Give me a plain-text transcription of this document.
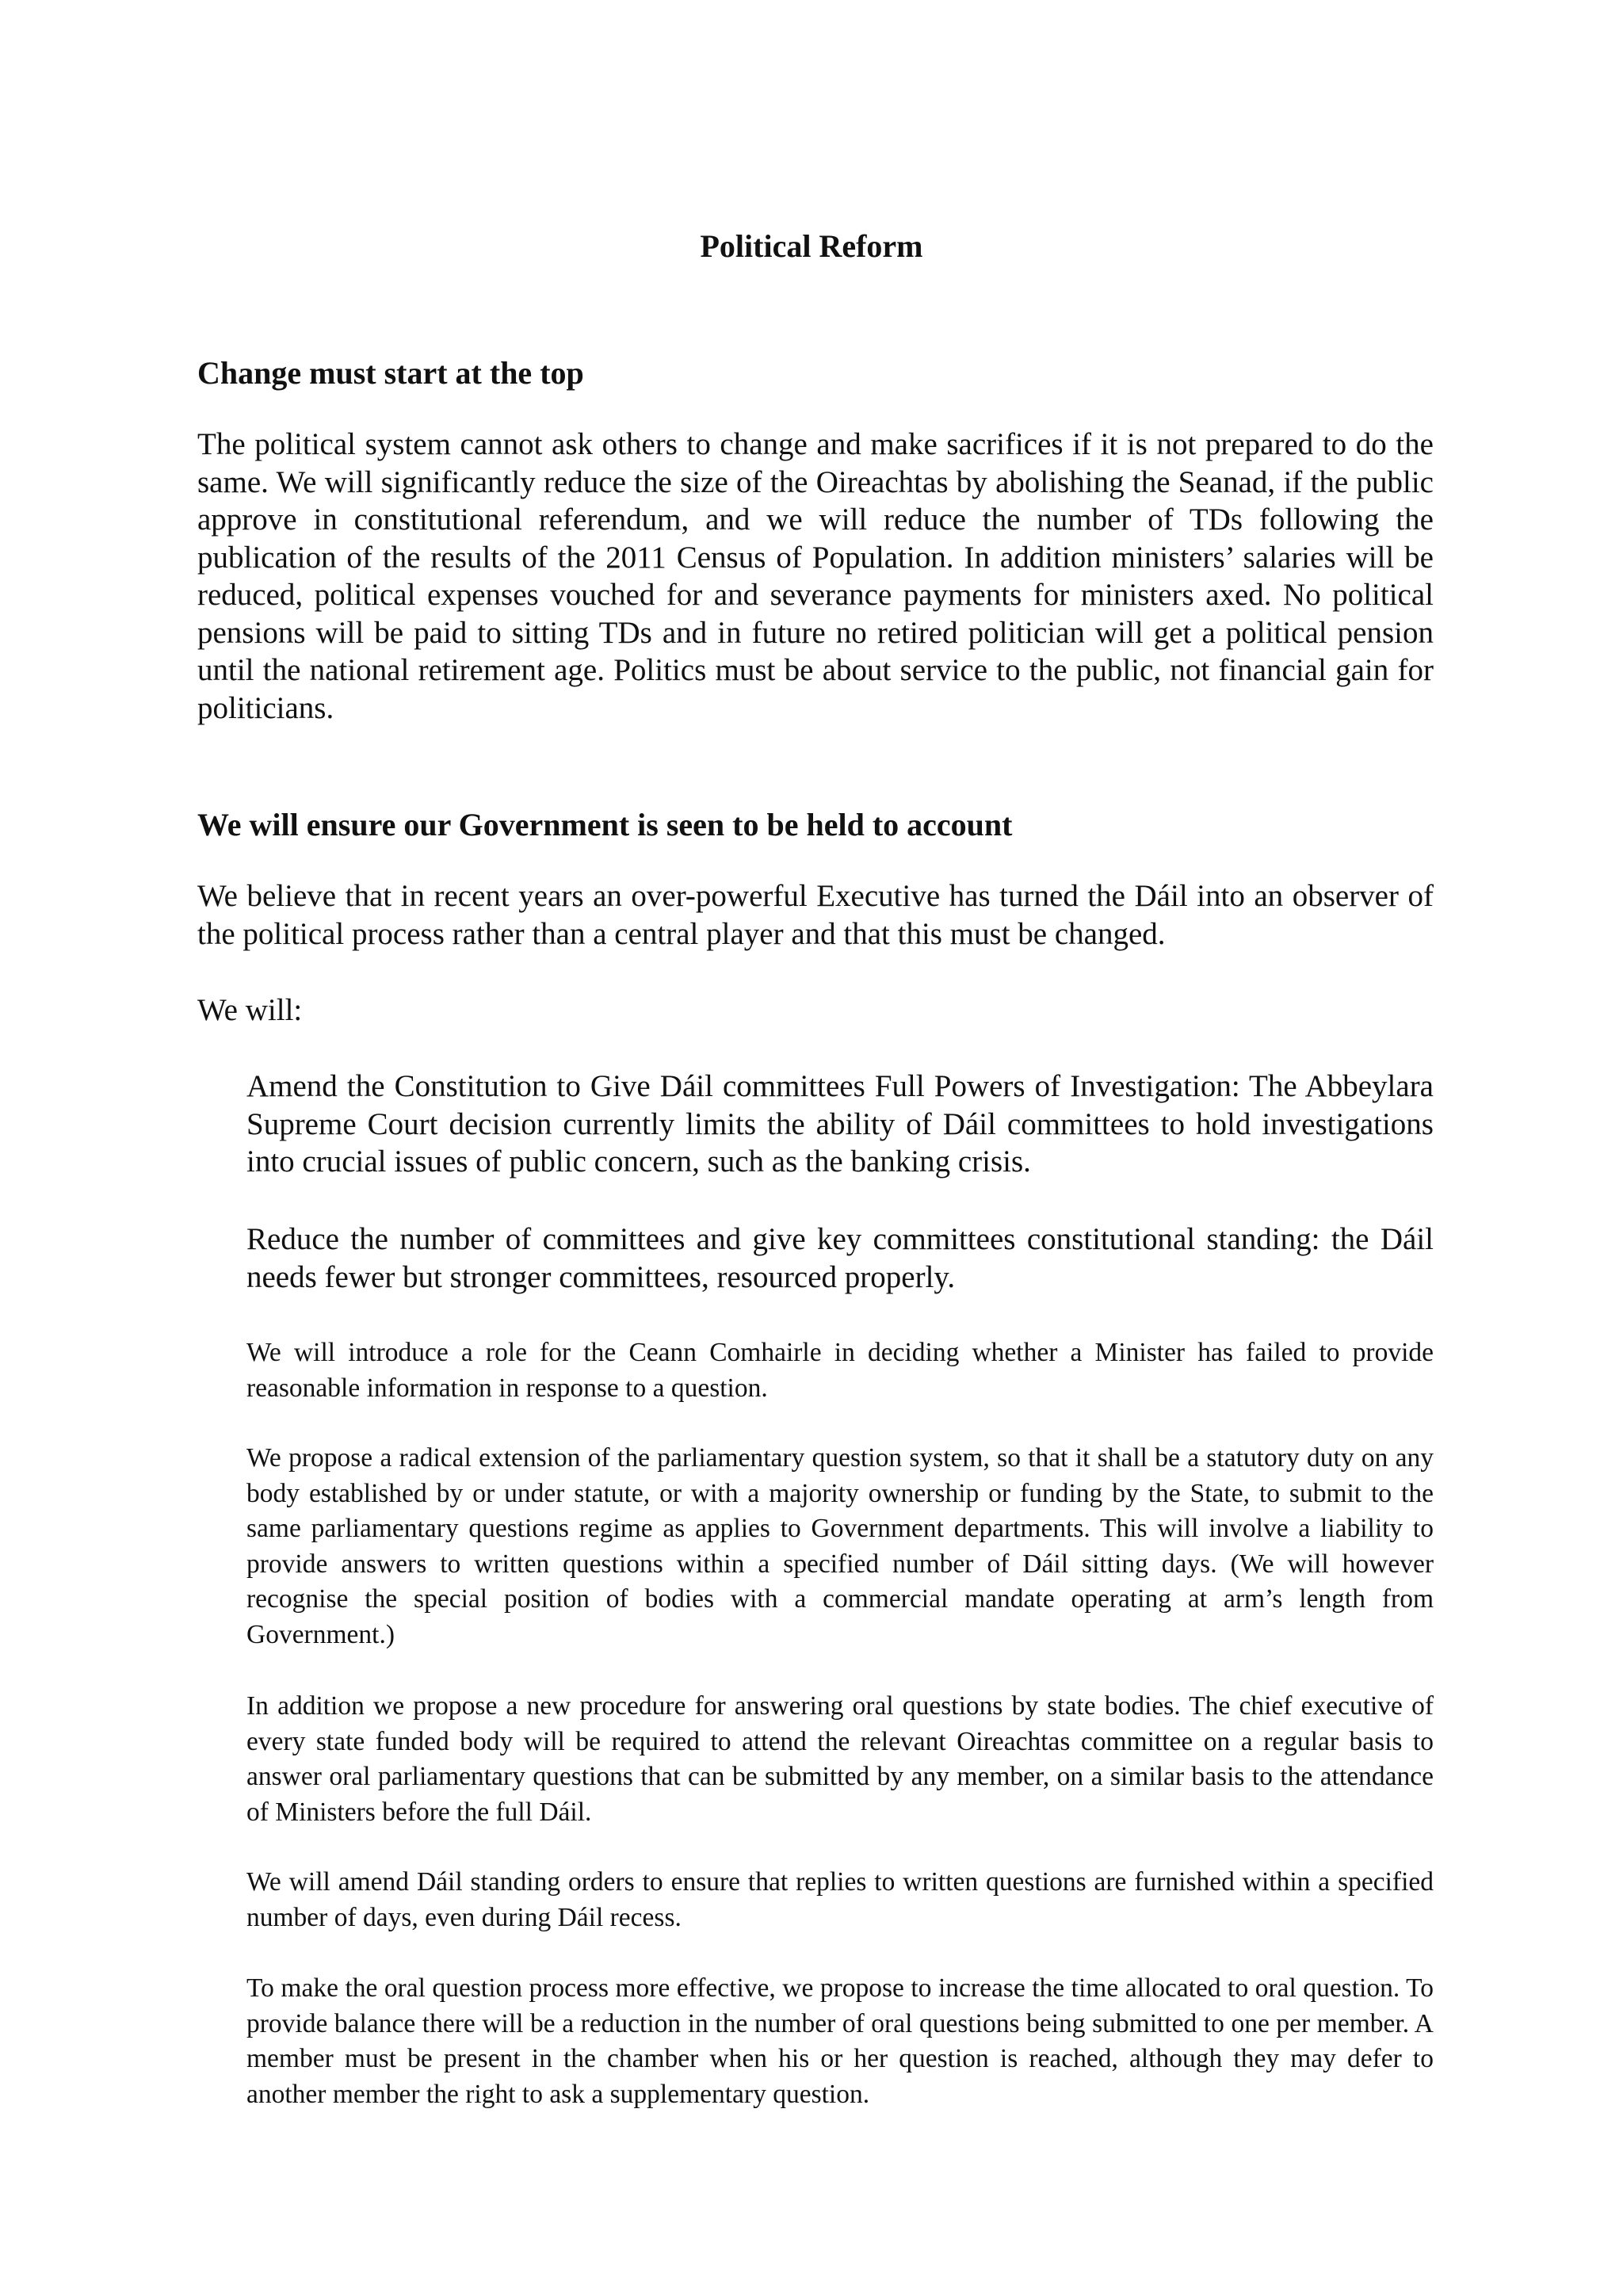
Political Reform
Change must start at the top

The political system cannot ask others to change and make sacrifices if it is not prepared to do the same. We will significantly reduce the size of the Oireachtas by abolishing the Seanad, if the public approve in constitutional referendum, and we will reduce the number of TDs following the publication of the results of the 2011 Census of Population. In addition ministers’ salaries will be reduced, political expenses vouched for and severance payments for ministers axed. No political pensions will be paid to sitting TDs and in future no retired politician will get a political pension until the national retirement age. Politics must be about service to the public, not financial gain for politicians.

We will ensure our Government is seen to be held to account

We believe that in recent years an over-powerful Executive has turned the Dáil into an observer of the political process rather than a central player and that this must be changed.

We will:

Amend the Constitution to Give Dáil committees Full Powers of Investigation: The Abbeylara Supreme Court decision currently limits the ability of Dáil committees to hold investigations into crucial issues of public concern, such as the banking crisis.

Reduce the number of committees and give key committees constitutional standing: the Dáil needs fewer but stronger committees, resourced properly.

We will introduce a role for the Ceann Comhairle in deciding whether a Minister has failed to provide reasonable information in response to a question.

We propose a radical extension of the parliamentary question system, so that it shall be a statutory duty on any body established by or under statute, or with a majority ownership or funding by the State, to submit to the same parliamentary questions regime as applies to Government departments. This will involve a liability to provide answers to written questions within a specified number of Dáil sitting days. (We will however recognise the special position of bodies with a commercial mandate operating at arm’s length from Government.)

In addition we propose a new procedure for answering oral questions by state bodies. The chief executive of every state funded body will be required to attend the relevant Oireachtas committee on a regular basis to answer oral parliamentary questions that can be submitted by any member, on a similar basis to the attendance of Ministers before the full Dáil.

We will amend Dáil standing orders to ensure that replies to written questions are furnished within a specified number of days, even during Dáil recess.

To make the oral question process more effective, we propose to increase the time allocated to oral question. To provide balance there will be a reduction in the number of oral questions being submitted to one per member. A member must be present in the chamber when his or her question is reached, although they may defer to another member the right to ask a supplementary question.
